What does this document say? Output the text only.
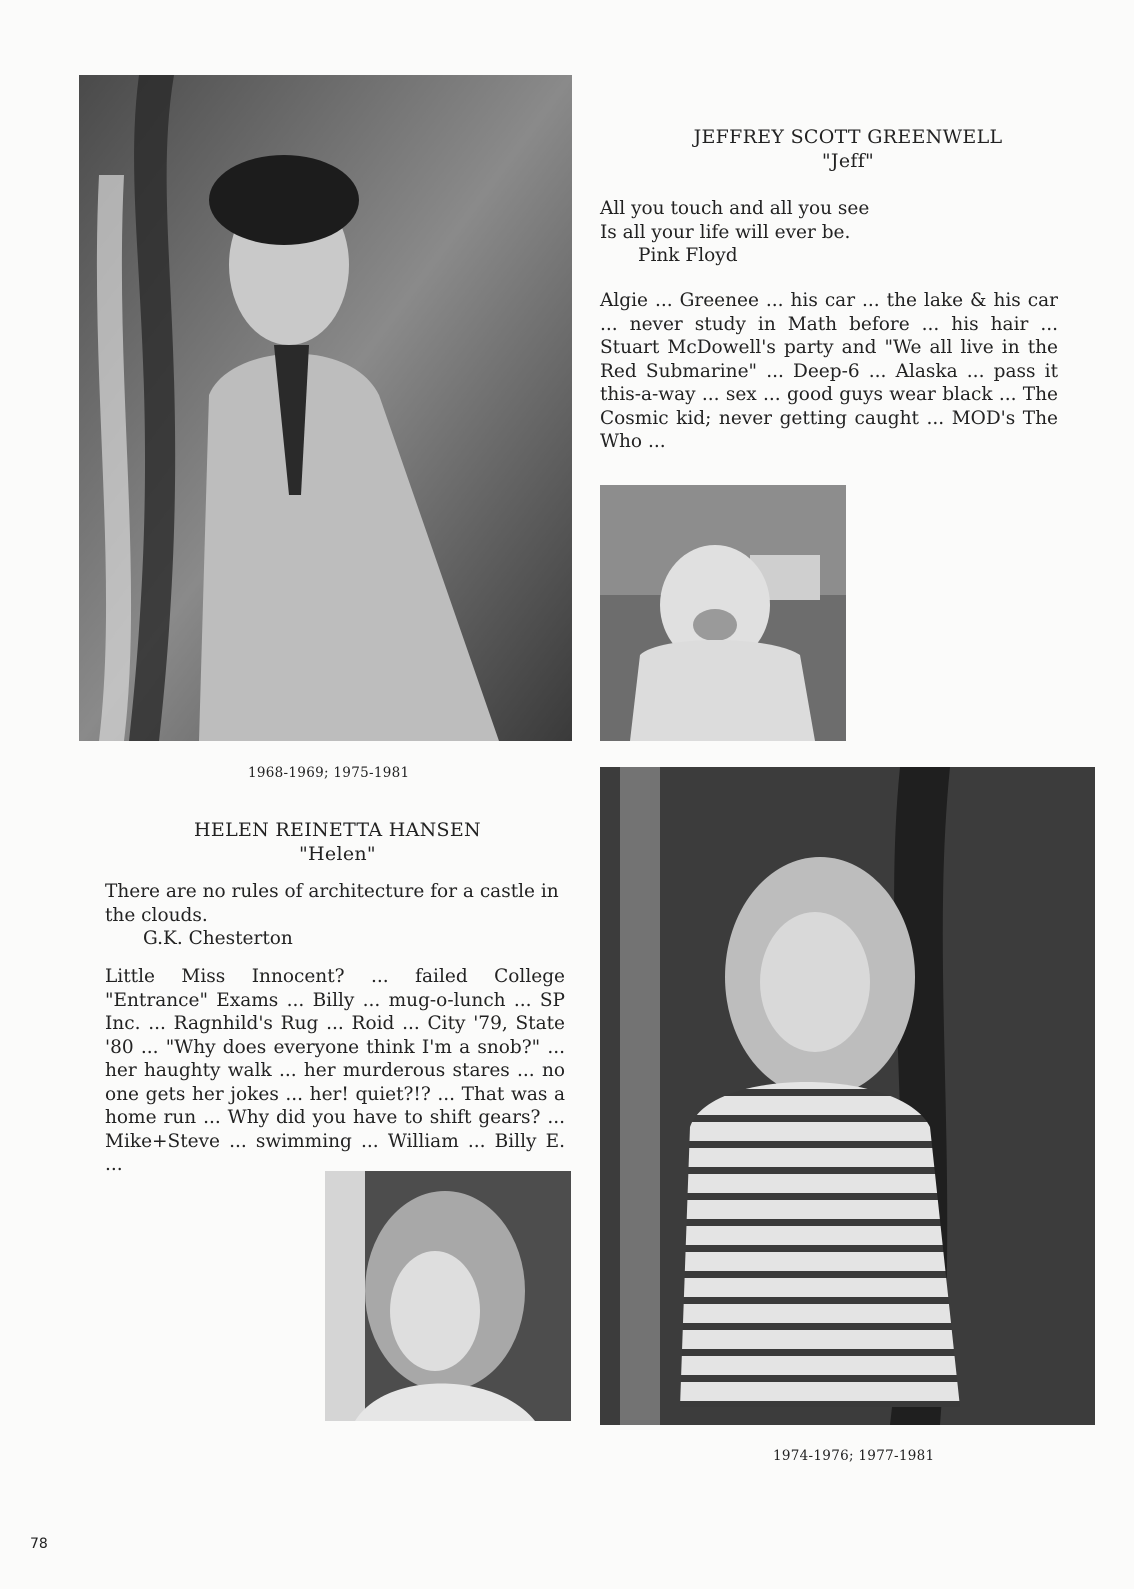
JEFFREY SCOTT GREENWELL
"Jeff"
All you touch and all you see
Is all your life will ever be.
Pink Floyd
Algie ... Greenee ... his car ... the lake & his car ... never study in Math before ... his hair ... Stuart McDowell's party and "We all live in the Red Submarine" ... Deep-6 ... Alaska ... pass it this-a-way ... sex ... good guys wear black ... The Cosmic kid; never getting caught ... MOD's The Who ...
1968-1969; 1975-1981
HELEN REINETTA HANSEN
"Helen"
There are no rules of architecture for a castle in the clouds.
G.K. Chesterton
Little Miss Innocent? ... failed College "Entrance" Exams ... Billy ... mug-o-lunch ... SP Inc. ... Ragnhild's Rug ... Roid ... City '79, State '80 ... "Why does everyone think I'm a snob?" ... her haughty walk ... her murderous stares ... no one gets her jokes ... her! quiet?!? ... That was a home run ... Why did you have to shift gears? ... Mike+Steve ... swimming ... William ... Billy E. ...
1974-1976; 1977-1981
78
